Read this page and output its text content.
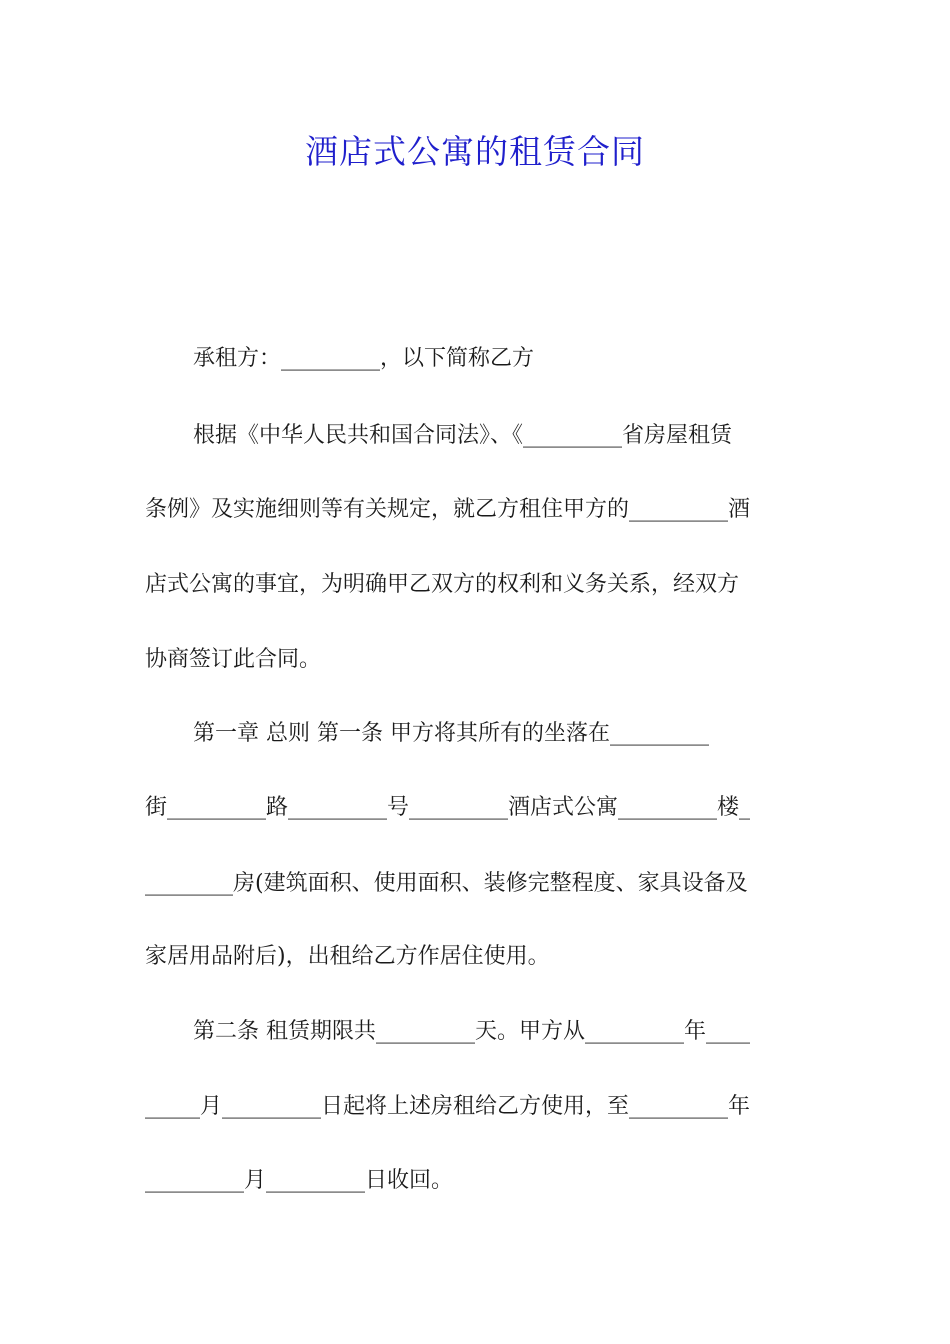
酒店式公寓的租赁合同
承租方：_________，以下简称乙方
根据《中华人民共和国合同法》、《_________省房屋租赁
条例》及实施细则等有关规定，就乙方租住甲方的_________酒
店式公寓的事宜，为明确甲乙双方的权利和义务关系，经双方
协商签订此合同。
第一章 总则 第一条 甲方将其所有的坐落在_________
街_________路_________号_________酒店式公寓_________楼_
________房(建筑面积、使用面积、装修完整程度、家具设备及
家居用品附后)，出租给乙方作居住使用。
第二条 租赁期限共_________天。甲方从_________年____
_____月_________日起将上述房租给乙方使用，至_________年
_________月_________日收回。
